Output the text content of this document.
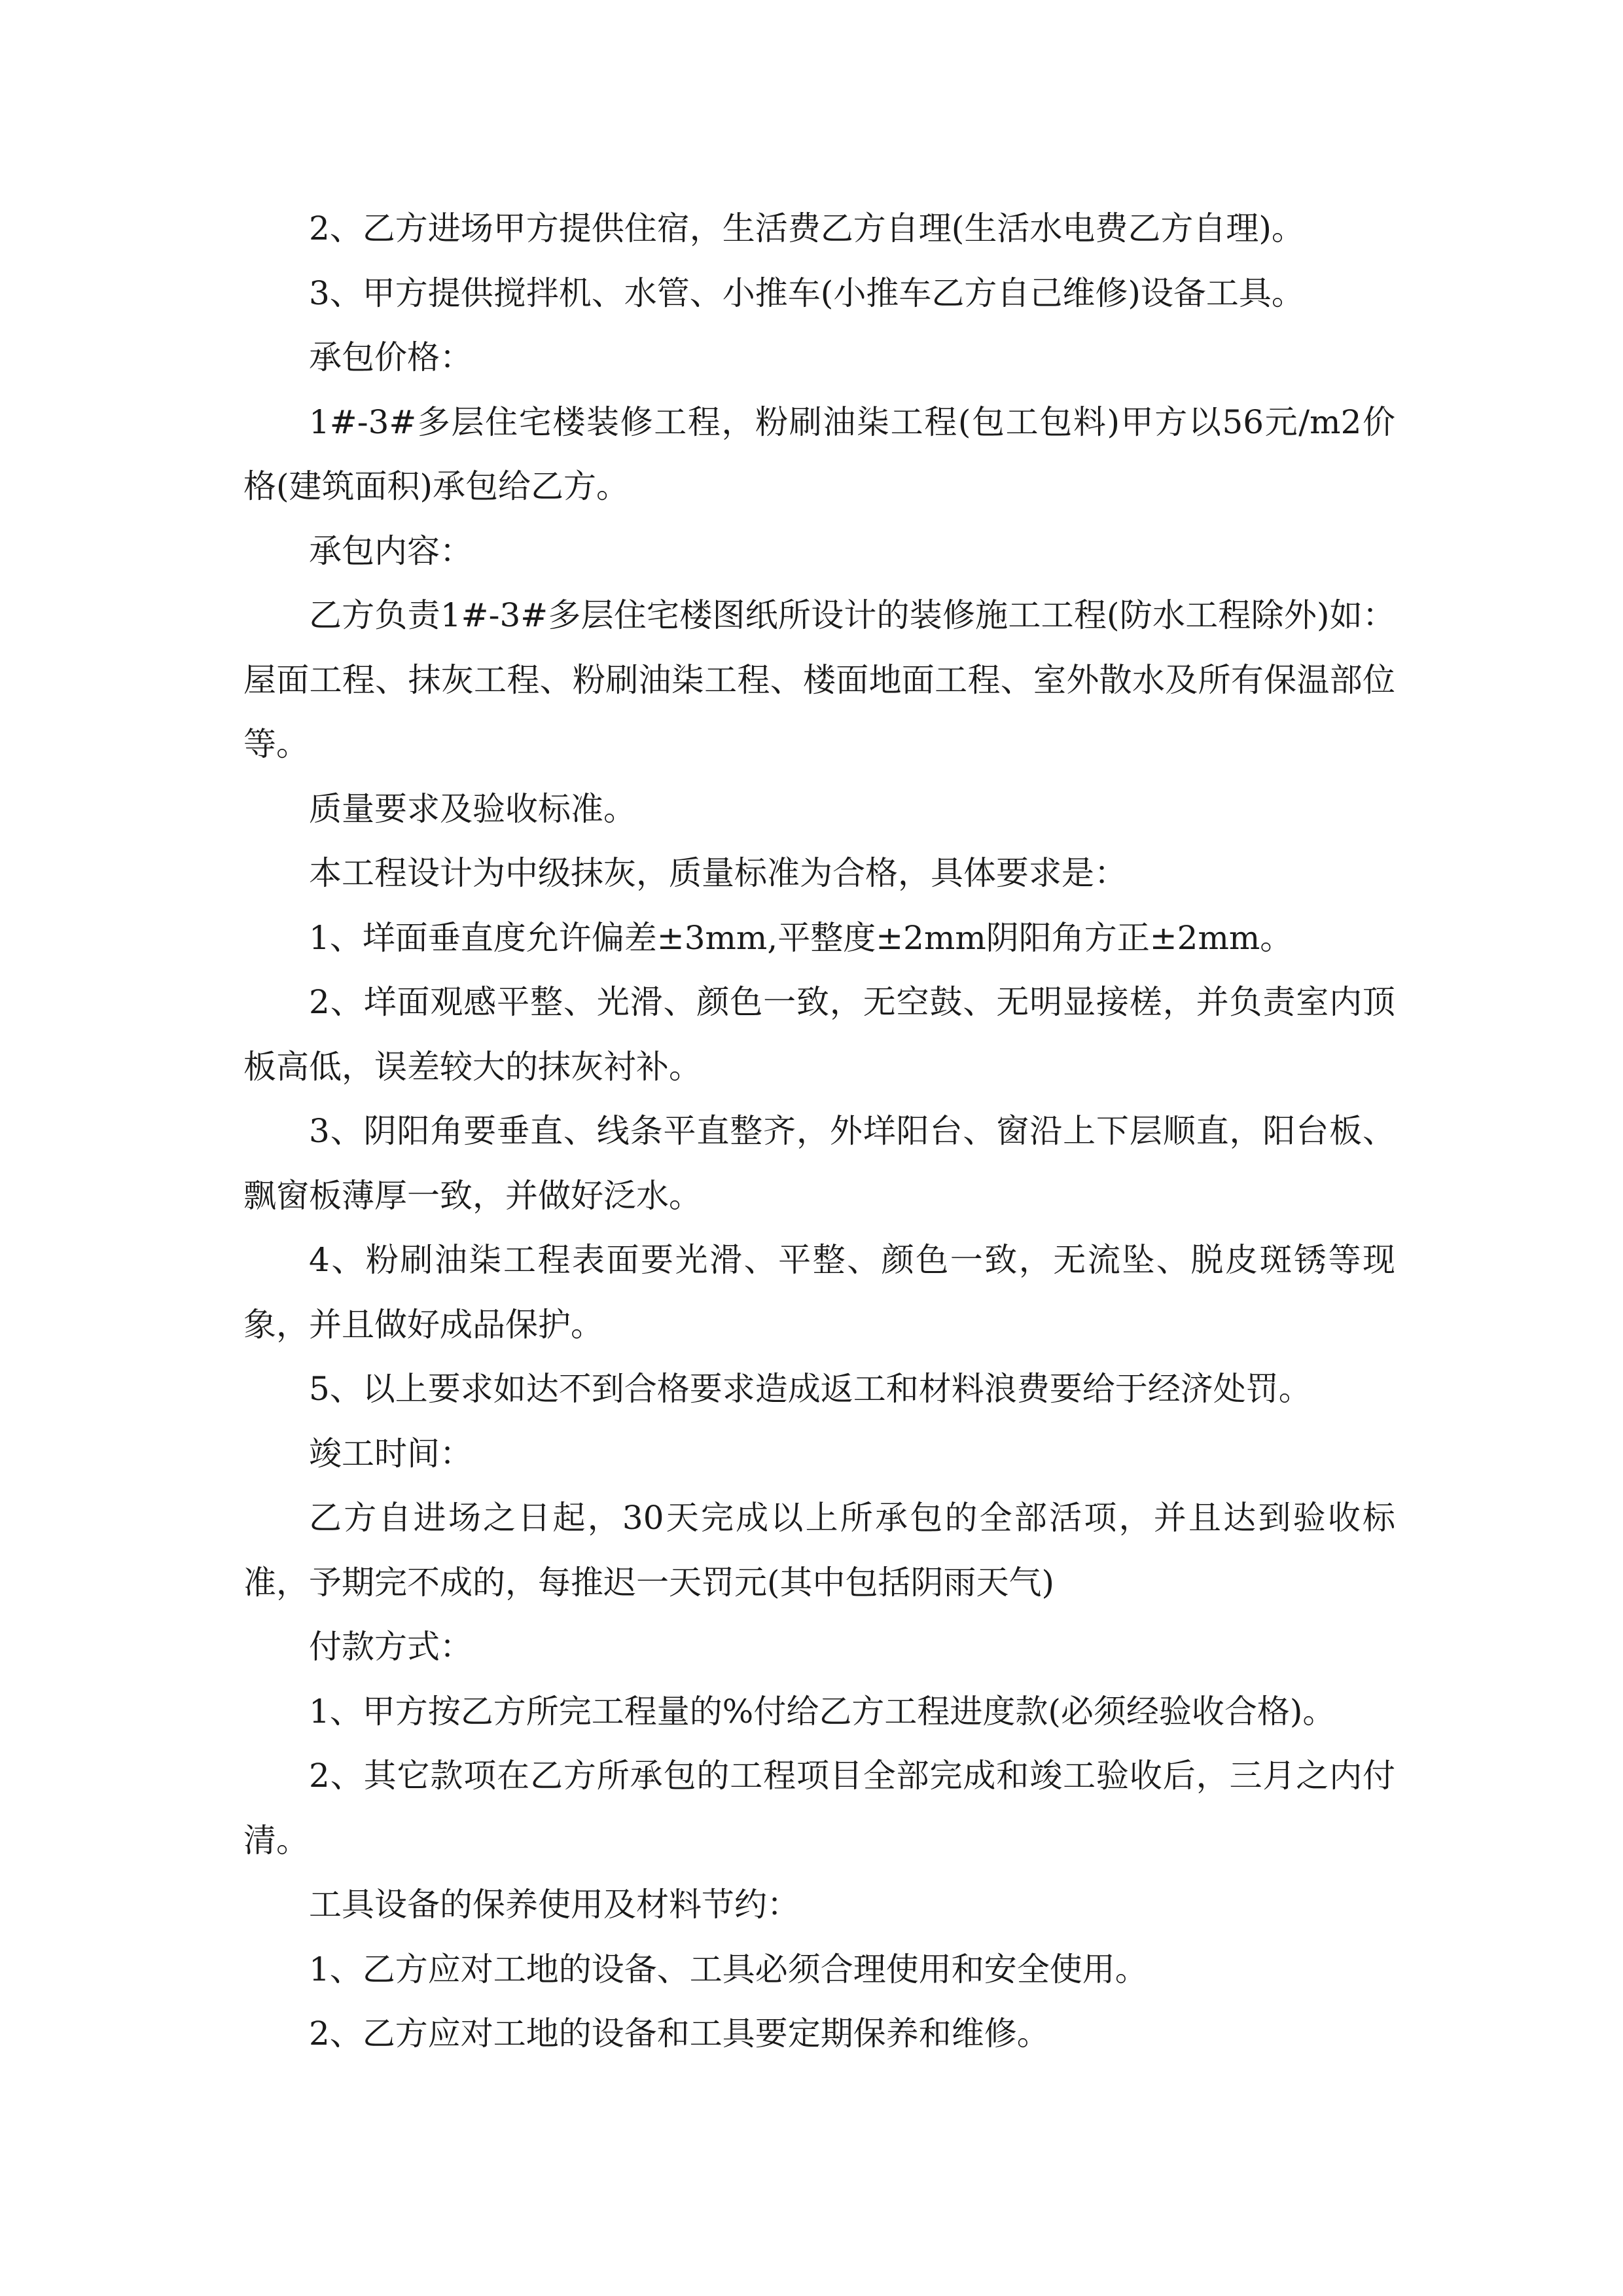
2、乙方进场甲方提供住宿，生活费乙方自理(生活水电费乙方自理)。

3、甲方提供搅拌机、水管、小推车(小推车乙方自己维修)设备工具。

承包价格：

1#-3#多层住宅楼装修工程，粉刷油柒工程(包工包料)甲方以56元/m2价格(建筑面积)承包给乙方。

承包内容：

乙方负责1#-3#多层住宅楼图纸所设计的装修施工工程(防水工程除外)如：屋面工程、抹灰工程、粉刷油柒工程、楼面地面工程、室外散水及所有保温部位等。

质量要求及验收标准。

本工程设计为中级抹灰，质量标准为合格，具体要求是：

1、垟面垂直度允许偏差±3mm,平整度±2mm阴阳角方正±2mm。

2、垟面观感平整、光滑、颜色一致，无空鼓、无明显接槎，并负责室内顶板高低，误差较大的抹灰衬补。

3、阴阳角要垂直、线条平直整齐，外垟阳台、窗沿上下层顺直，阳台板、飘窗板薄厚一致，并做好泛水。

4、粉刷油柒工程表面要光滑、平整、颜色一致，无流坠、脱皮斑锈等现象，并且做好成品保护。

5、以上要求如达不到合格要求造成返工和材料浪费要给于经济处罚。

竣工时间：

乙方自进场之日起，30天完成以上所承包的全部活项，并且达到验收标准，予期完不成的，每推迟一天罚元(其中包括阴雨天气)

付款方式：

1、甲方按乙方所完工程量的%付给乙方工程进度款(必须经验收合格)。

2、其它款项在乙方所承包的工程项目全部完成和竣工验收后，三月之内付清。

工具设备的保养使用及材料节约：

1、乙方应对工地的设备、工具必须合理使用和安全使用。

2、乙方应对工地的设备和工具要定期保养和维修。
